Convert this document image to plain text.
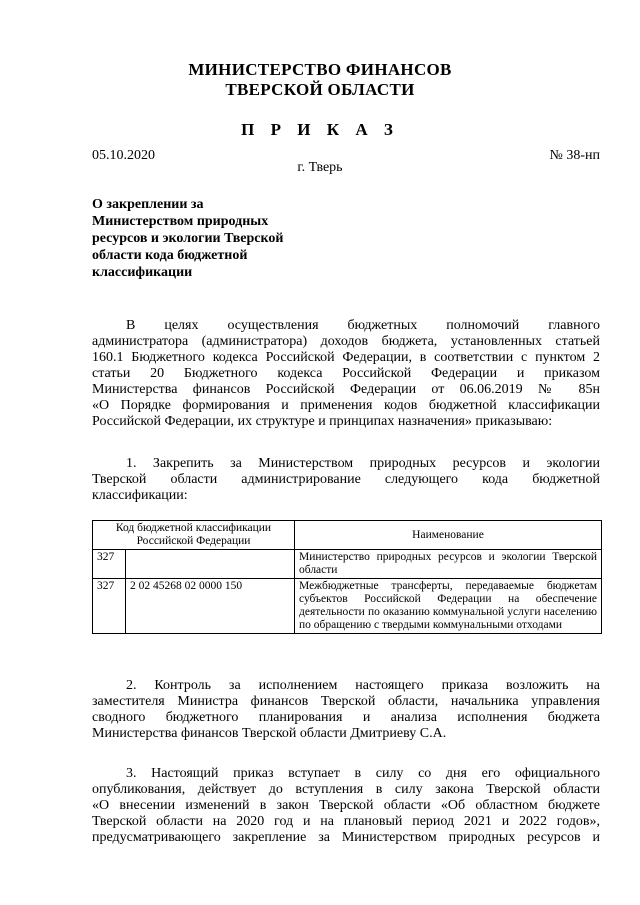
МИНИСТЕРСТВО ФИНАНСОВ
ТВЕРСКОЙ ОБЛАСТИ
П Р И К А З
05.10.2020	№ 38-нп
г. Тверь
О закреплении за
Министерством природных
ресурсов и экологии Тверской
области кода бюджетной
классификации
В целях осуществления бюджетных полномочий главного
администратора (администратора) доходов бюджета, установленных статьей
160.1 Бюджетного кодекса Российской Федерации, в соответствии с пунктом 2
статьи 20 Бюджетного кодекса Российской Федерации и приказом
Министерства финансов Российской Федерации от 06.06.2019 № 85н
«О Порядке формирования и применения кодов бюджетной классификации
Российской Федерации, их структуре и принципах назначения» приказываю:
1. Закрепить за Министерством природных ресурсов и экологии
Тверской области администрирование следующего кода бюджетной
классификации:
Код бюджетной классификации Российской Федерации		Наименование
327		Министерство природных ресурсов и экологии Тверской области
327	2 02 45268 02 0000 150	Межбюджетные трансферты, передаваемые бюджетам субъектов Российской Федерации на обеспечение деятельности по оказанию коммунальной услуги населению по обращению с твердыми коммунальными отходами
2. Контроль за исполнением настоящего приказа возложить на
заместителя Министра финансов Тверской области, начальника управления
сводного бюджетного планирования и анализа исполнения бюджета
Министерства финансов Тверской области Дмитриеву С.А.
3. Настоящий приказ вступает в силу со дня его официального
опубликования, действует до вступления в силу закона Тверской области
«О внесении изменений в закон Тверской области «Об областном бюджете
Тверской области на 2020 год и на плановый период 2021 и 2022 годов»,
предусматривающего закрепление за Министерством природных ресурсов и
